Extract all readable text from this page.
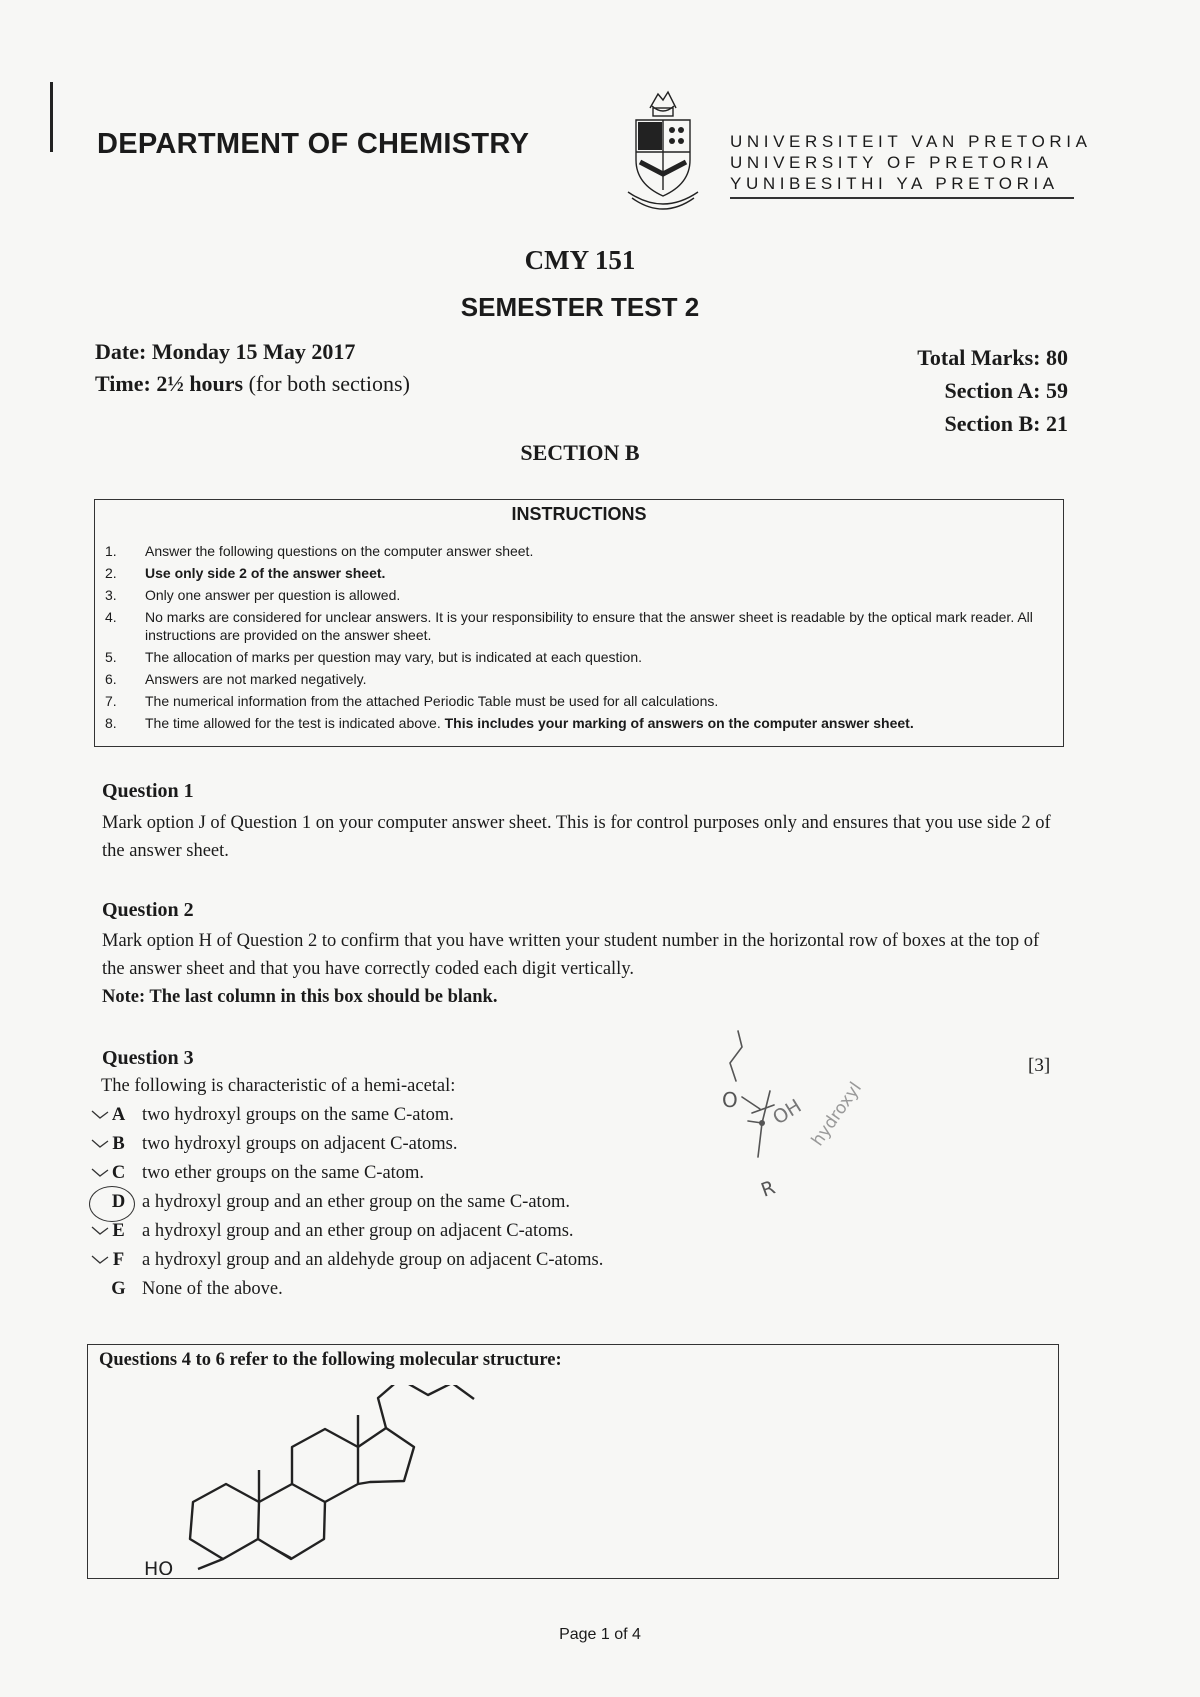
DEPARTMENT OF CHEMISTRY	UNIVERSITEIT VAN PRETORIA
UNIVERSITY OF PRETORIA
YUNIBESITHI YA PRETORIA
CMY 151
SEMESTER TEST 2
Date: Monday 15 May 2017
Time: 2½ hours (for both sections)
Total Marks: 80
Section A: 59
Section B: 21
SECTION B
INSTRUCTIONS
1.	Answer the following questions on the computer answer sheet.
2.	Use only side 2 of the answer sheet.
3.	Only one answer per question is allowed.
4.	No marks are considered for unclear answers. It is your responsibility to ensure that the answer sheet is readable by the optical mark reader. All instructions are provided on the answer sheet.
5.	The allocation of marks per question may vary, but is indicated at each question.
6.	Answers are not marked negatively.
7.	The numerical information from the attached Periodic Table must be used for all calculations.
8.	The time allowed for the test is indicated above. This includes your marking of answers on the computer answer sheet.
Question 1
Mark option J of Question 1 on your computer answer sheet. This is for control purposes only and ensures that you use side 2 of the answer sheet.
Question 2
Mark option H of Question 2 to confirm that you have written your student number in the horizontal row of boxes at the top of the answer sheet and that you have correctly coded each digit vertically.
Note: The last column in this box should be blank.
Question 3	[3]
The following is characteristic of a hemi-acetal:
A two hydroxyl groups on the same C-atom.
B two hydroxyl groups on adjacent C-atoms.
C two ether groups on the same C-atom.
D a hydroxyl group and an ether group on the same C-atom.
E a hydroxyl group and an ether group on adjacent C-atoms.
F a hydroxyl group and an aldehyde group on adjacent C-atoms.
G None of the above.
O OH hydroxyl
R
Questions 4 to 6 refer to the following molecular structure:
HO
Page 1 of 4
